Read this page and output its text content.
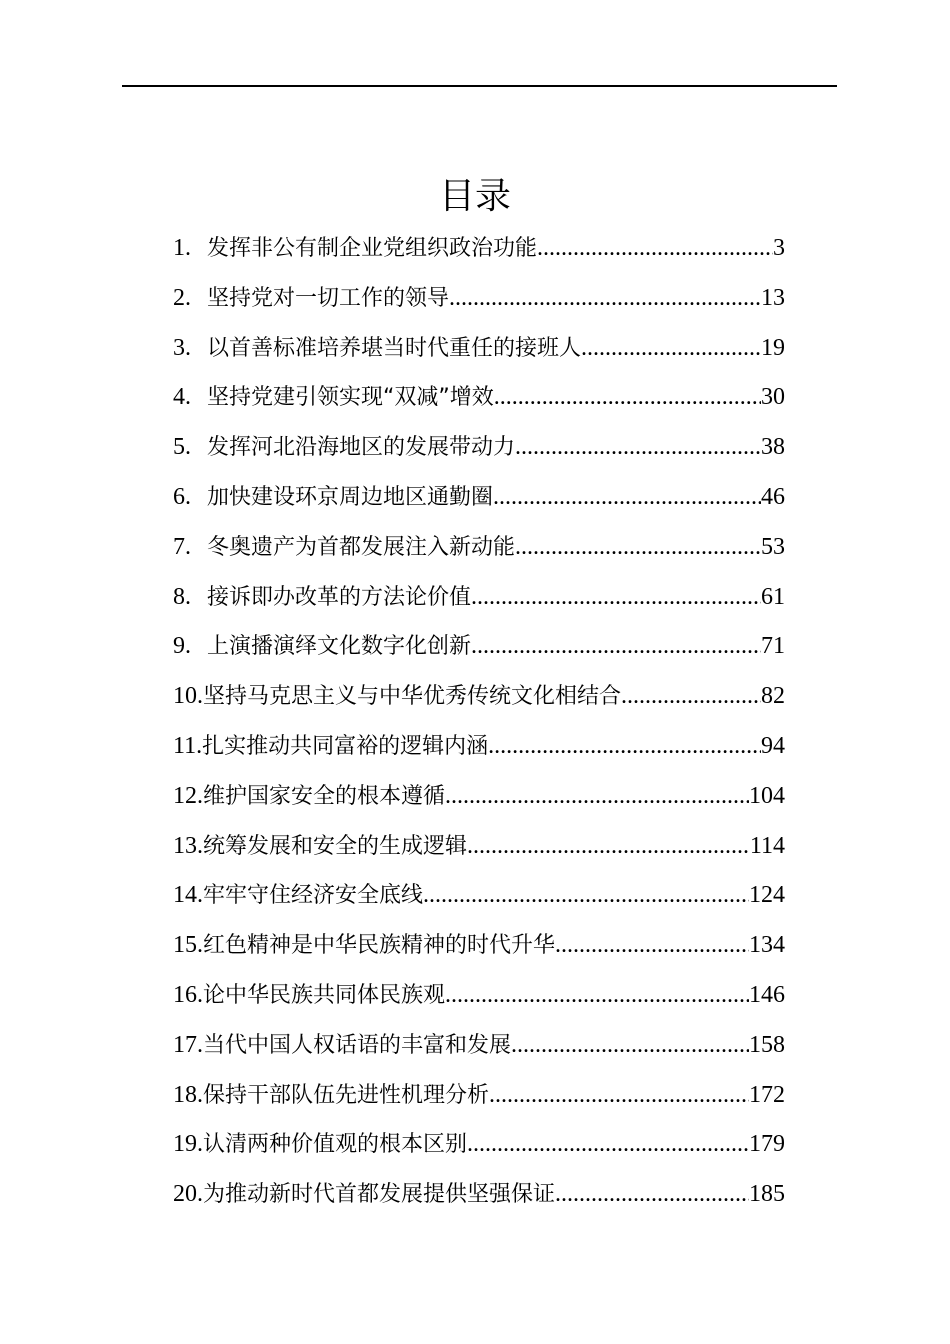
目录
1. 发挥非公有制企业党组织政治功能 .....	3
2. 坚持党对一切工作的领导 .....	13
3. 以首善标准培养堪当时代重任的接班人 .....	19
4. 坚持党建引领实现“双减”增效 .....	30
5. 发挥河北沿海地区的发展带动力 .....	38
6. 加快建设环京周边地区通勤圈 .....	46
7. 冬奥遗产为首都发展注入新动能 .....	53
8. 接诉即办改革的方法论价值 .....	61
9. 上演播演绎文化数字化创新 .....	71
10. 坚持马克思主义与中华优秀传统文化相结合 .....	82
11. 扎实推动共同富裕的逻辑内涵 .....	94
12. 维护国家安全的根本遵循 .....	104
13. 统筹发展和安全的生成逻辑 .....	114
14. 牢牢守住经济安全底线 .....	124
15. 红色精神是中华民族精神的时代升华 .....	134
16. 论中华民族共同体民族观 .....	146
17. 当代中国人权话语的丰富和发展 .....	158
18. 保持干部队伍先进性机理分析 .....	172
19. 认清两种价值观的根本区别 .....	179
20. 为推动新时代首都发展提供坚强保证 .....	185
